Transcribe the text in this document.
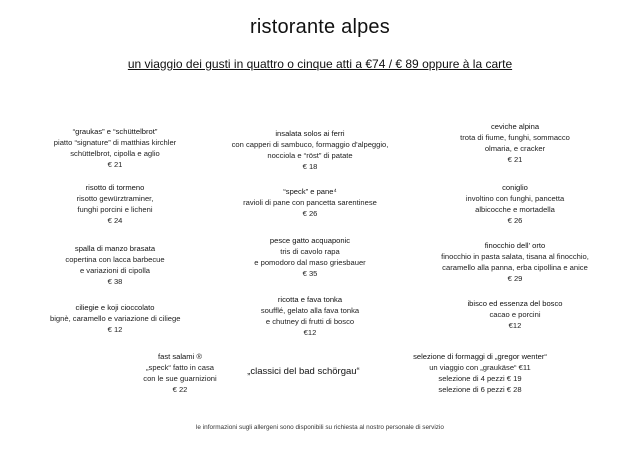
ristorante alpes
un viaggio dei gusti in quattro o cinque atti a €74 / € 89 oppure à la carte
“graukas” e “schüttelbrot”
piatto “signature” di matthias kirchler
schüttelbrot, cipolla e aglio
€ 21
risotto di tormeno
risotto gewürztraminer,
funghi porcini e licheni
€ 24
spalla di manzo brasata
copertina con lacca barbecue
e variazioni di cipolla
€ 38
ciliegie e koji cioccolato
bignè, caramello e variazione di ciliege
€ 12
insalata solos ai ferri
con capperi di sambuco, formaggio d'alpeggio,
nocciola e “röst” di patate
€ 18
“speck” e pane⁴
ravioli di pane con pancetta sarentinese
€ 26
pesce gatto acquaponic
tris di cavolo rapa
e pomodoro dal maso griesbauer
€ 35
ricotta e fava tonka
soufflé, gelato alla fava tonka
e chutney di frutti di bosco
€12
ceviche alpina
trota di fiume, funghi, sommacco
olmaria, e cracker
€ 21
coniglio
involtino con funghi, pancetta
albicocche e mortadella
€ 26
finocchio dell' orto
finocchio in pasta salata, tisana al finocchio,
caramello alla panna, erba cipollina e anice
€ 29
ibisco ed essenza del bosco
cacao e porcini
€12
fast salami ®
„speck“ fatto in casa
con le sue guarnizioni
€ 22
„classici del bad schörgau“
selezione di formaggi di „gregor wenter“
un viaggio con „graukäse“ €11
selezione di 4 pezzi € 19
selezione di 6 pezzi € 28
le informazioni sugli allergeni sono disponibili su richiesta al nostro personale di servizio
